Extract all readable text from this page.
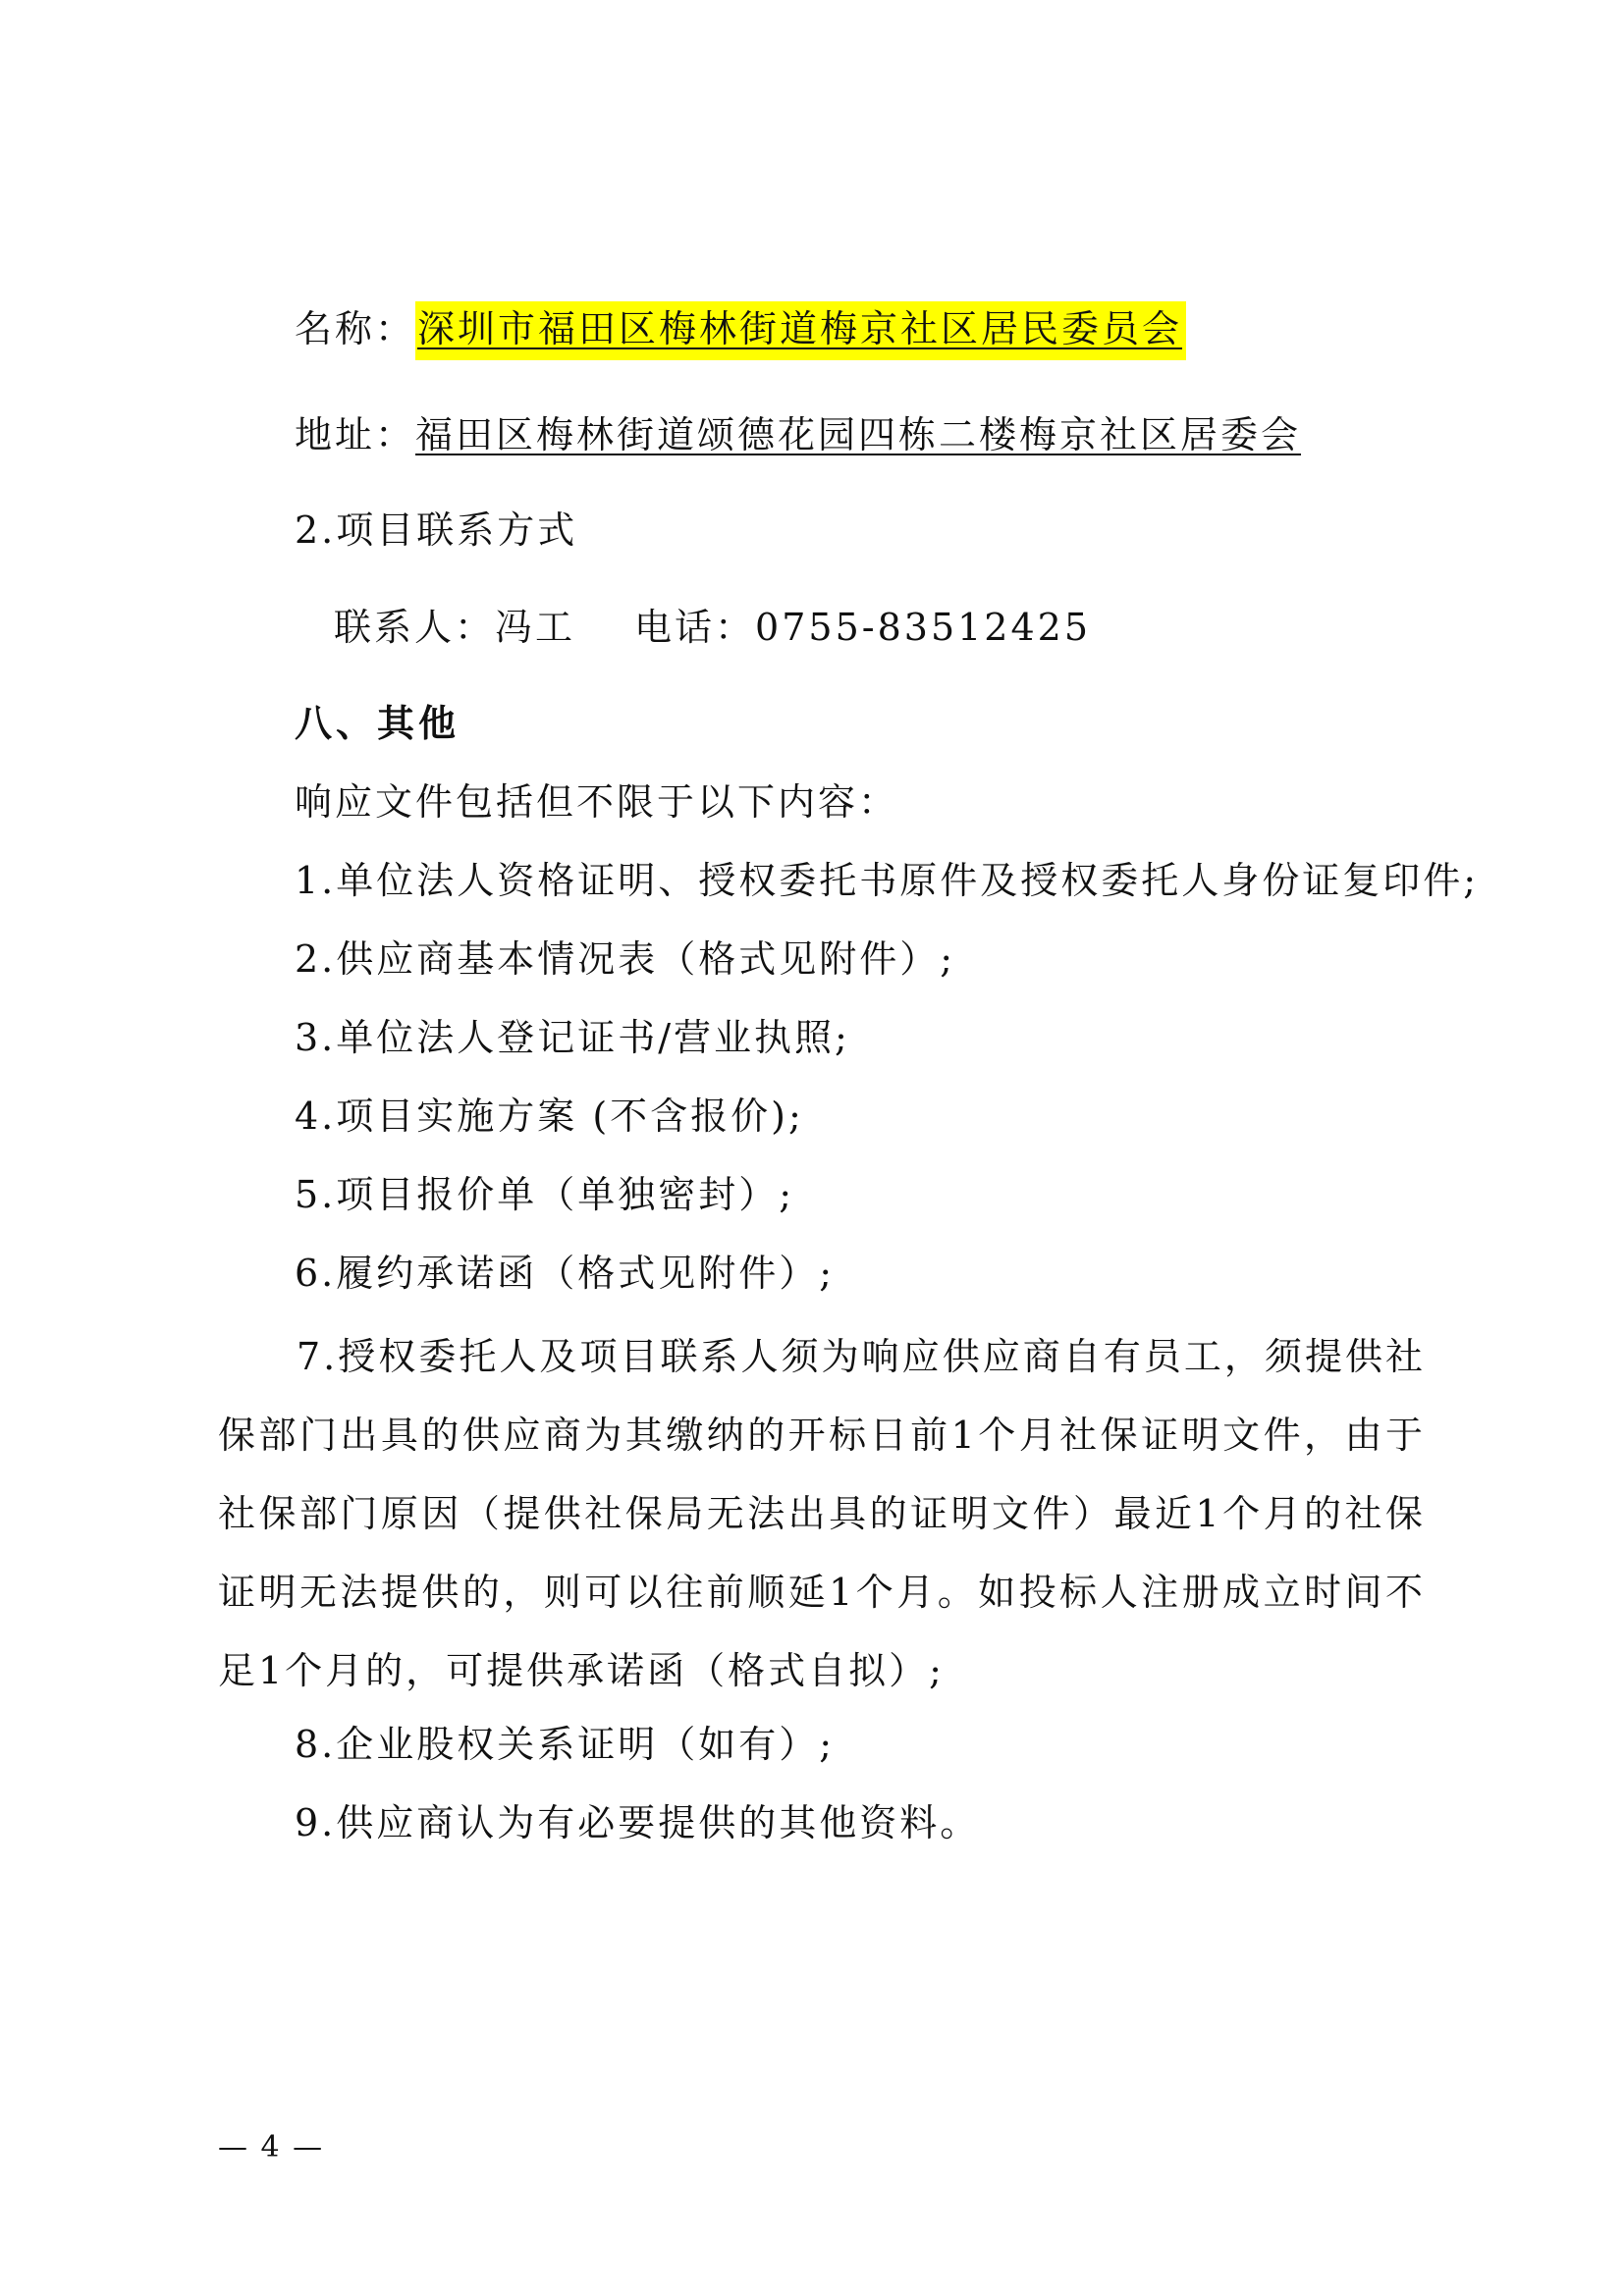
名称：深圳市福田区梅林街道梅京社区居民委员会
地址：福田区梅林街道颂德花园四栋二楼梅京社区居委会
2.项目联系方式
联系人：冯工 电话：0755-83512425
八、其他
响应文件包括但不限于以下内容：
1.单位法人资格证明、授权委托书原件及授权委托人身份证复印件;
2.供应商基本情况表（格式见附件）;
3.单位法人登记证书/营业执照;
4.项目实施方案 (不含报价);
5.项目报价单（单独密封）;
6.履约承诺函（格式见附件）;

7.授权委托人及项目联系人须为响应供应商自有员工，须提供社保部门出具的供应商为其缴纳的开标日前1个月社保证明文件，由于社保部门原因（提供社保局无法出具的证明文件）最近1个月的社保证明无法提供的，则可以往前顺延1个月。如投标人注册成立时间不足1个月的，可提供承诺函（格式自拟）;

8.企业股权关系证明（如有）;
9.供应商认为有必要提供的其他资料。
— 4 —
